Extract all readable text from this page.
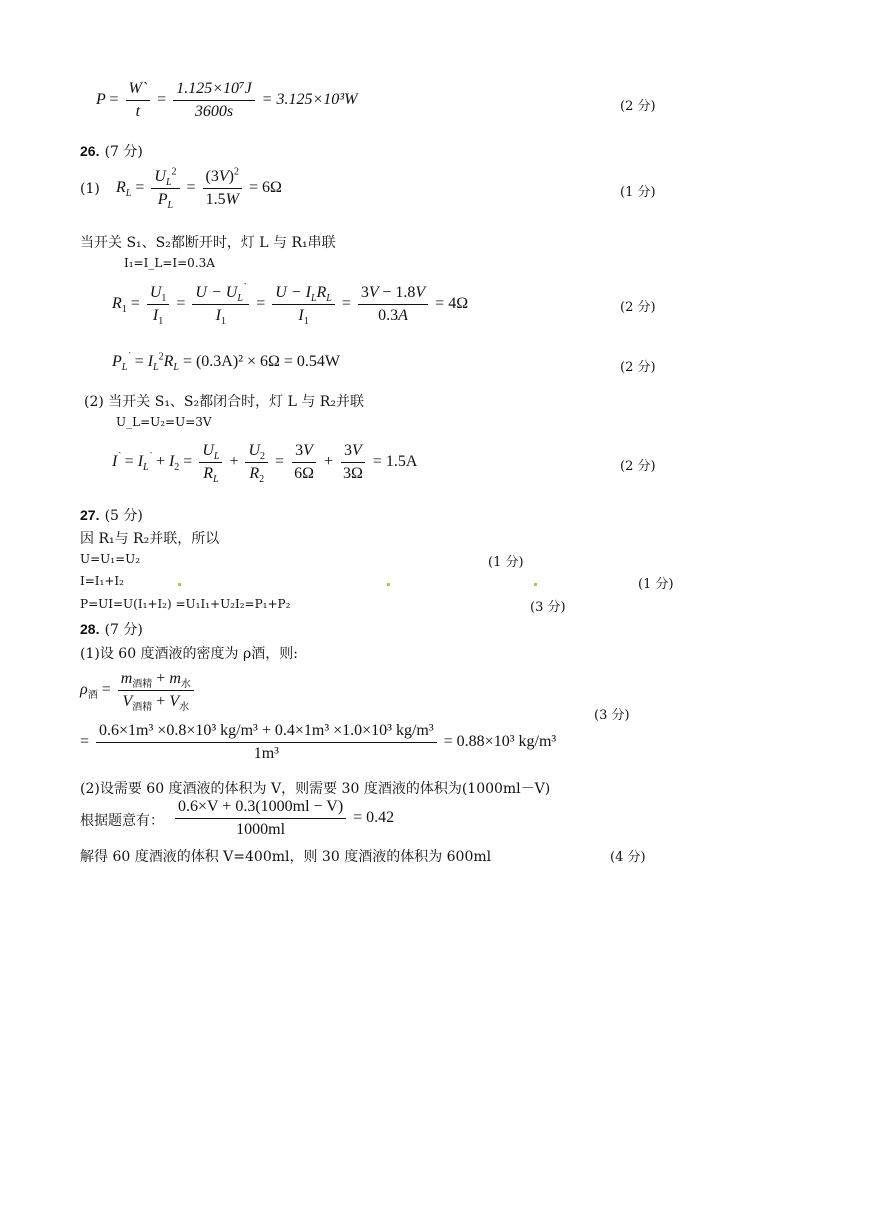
$P = \frac{W`}{t} = \frac{\text{1.125×10⁷J}}{3600s} = 3.125\times 10^3W$	(2 分)
26. (7 分)
(1) $R_L = \frac{U_L^2}{P_L} = \frac{(3V)^2}{1.5W} = 6\Omega$	(1 分)
当开关 S₁、S₂都断开时，灯 L 与 R₁串联
I₁=I_L=I=0.3A
$R_1 = \frac{U_1}{I_1} = \frac{U - U_L^`}{I_1} = \frac{U - I_LR_L}{I_1} = \frac{3V - 1.8V}{0.3A} = 4\Omega$	(2 分)
$P_L^` = I_L^2R_L = (0.3A)^2 \times 6\Omega = 0.54W$	(2 分)
(2) 当开关 S₁、S₂都闭合时，灯 L 与 R₂并联
U_L=U₂=U=3V
$I^` = I_L^` + I_2 = \frac{U_L}{R_L} + \frac{U_2}{R_2} = \frac{3V}{6\Omega} + \frac{3V}{3\Omega} = 1.5A$	(2 分)
27. (5 分)
因 R₁与 R₂并联，所以
U=U₁=U₂	(1 分)
I=I₁+I₂	(1 分)
P=UI=U(I₁+I₂) =U₁I₁+U₂I₂=P₁+P₂	(3 分)
28. (7 分)
(1)设 60 度酒液的密度为 ρ酒，则:
$\rho_酒 = \frac{m_{酒精} + m_水}{V_{酒精} + V_水}$
(3 分)
= $\frac{\text{0.6×1m³ ×0.8×10³ kg/m³ + 0.4×1m³ ×1.0×10³ kg/m³}}{\text{1m³}} = 0.88\times 10^3$ kg/m³
(2)设需要 60 度酒液的体积为 V，则需要 30 度酒液的体积为(1000ml－V)
根据题意有： $\frac{0.6\times V + 0.3(1000ml - V)}{1000ml} = 0.42$
解得 60 度酒液的体积 V=400ml，则 30 度酒液的体积为 600ml	(4 分)
